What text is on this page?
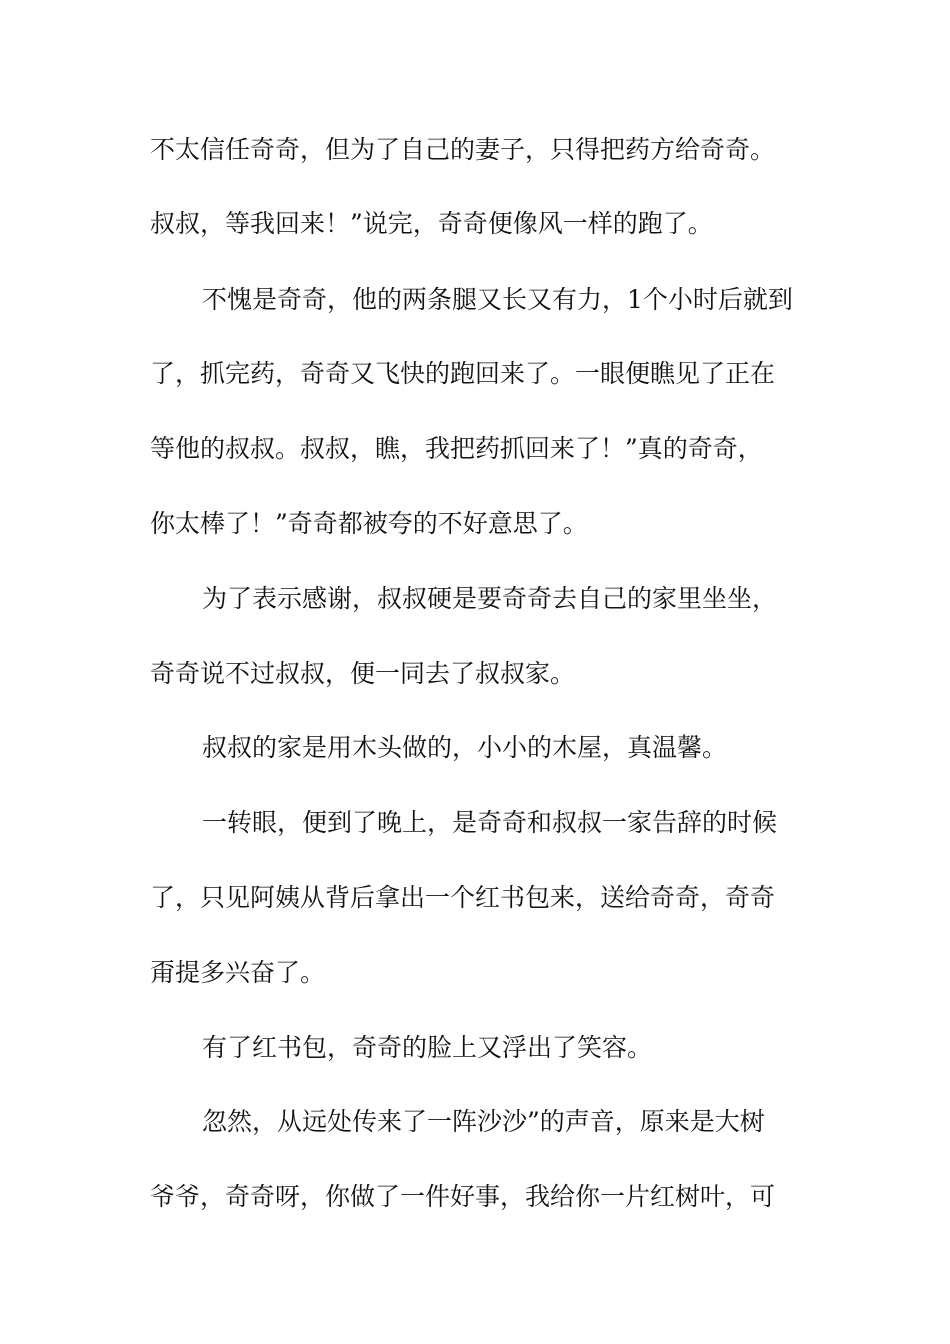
不太信任奇奇，但为了自己的妻子，只得把药方给奇奇。
叔叔，等我回来！”说完，奇奇便像风一样的跑了。
不愧是奇奇，他的两条腿又长又有力，1个小时后就到
了，抓完药，奇奇又飞快的跑回来了。一眼便瞧见了正在
等他的叔叔。叔叔，瞧，我把药抓回来了！”真的奇奇，
你太棒了！”奇奇都被夸的不好意思了。
为了表示感谢，叔叔硬是要奇奇去自己的家里坐坐，
奇奇说不过叔叔，便一同去了叔叔家。
叔叔的家是用木头做的，小小的木屋，真温馨。
一转眼，便到了晚上，是奇奇和叔叔一家告辞的时候
了，只见阿姨从背后拿出一个红书包来，送给奇奇，奇奇
甭提多兴奋了。
有了红书包，奇奇的脸上又浮出了笑容。
忽然，从远处传来了一阵沙沙”的声音，原来是大树
爷爷，奇奇呀，你做了一件好事，我给你一片红树叶，可
